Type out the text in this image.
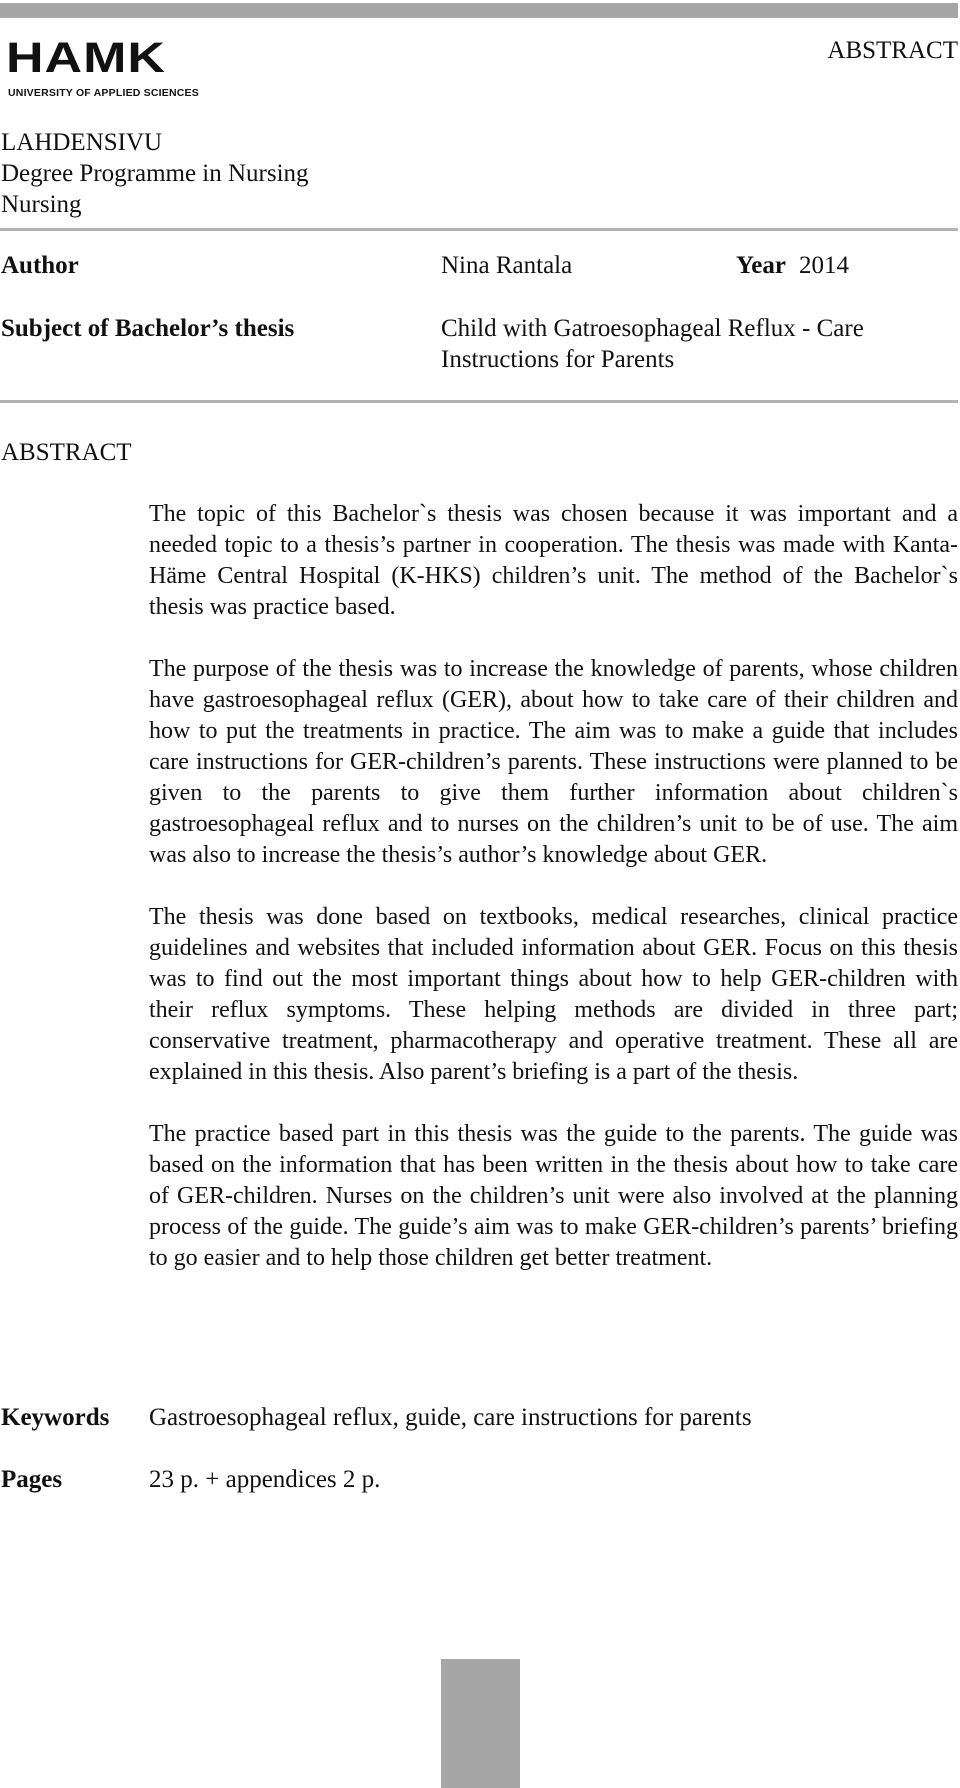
HAMK
UNIVERSITY OF APPLIED SCIENCES
ABSTRACT
LAHDENSIVU
Degree Programme in Nursing
Nursing
Author	Nina Rantala	Year 2014
Subject of Bachelor’s thesis	Child with Gatroesophageal Reflux - Care Instructions for Parents
ABSTRACT

The topic of this Bachelor`s thesis was chosen because it was important and a needed topic to a thesis’s partner in cooperation. The thesis was made with Kanta-Häme Central Hospital (K-HKS) children’s unit. The method of the Bachelor`s thesis was practice based.

The purpose of the thesis was to increase the knowledge of parents, whose children have gastroesophageal reflux (GER), about how to take care of their children and how to put the treatments in practice. The aim was to make a guide that includes care instructions for GER-children’s parents. These instructions were planned to be given to the parents to give them further information about children`s gastroesophageal reflux and to nurses on the children’s unit to be of use. The aim was also to increase the thesis’s author’s knowledge about GER.

The thesis was done based on textbooks, medical researches, clinical practice guidelines and websites that included information about GER. Focus on this thesis was to find out the most important things about how to help GER-children with their reflux symptoms. These helping methods are divided in three part; conservative treatment, pharmacotherapy and operative treatment. These all are explained in this thesis. Also parent’s briefing is a part of the thesis.

The practice based part in this thesis was the guide to the parents. The guide was based on the information that has been written in the thesis about how to take care of GER-children. Nurses on the children’s unit were also involved at the planning process of the guide. The guide’s aim was to make GER-children’s parents’ briefing to go easier and to help those children get better treatment.

Keywords Gastroesophageal reflux, guide, care instructions for parents
Pages	23 p. + appendices 2 p.
